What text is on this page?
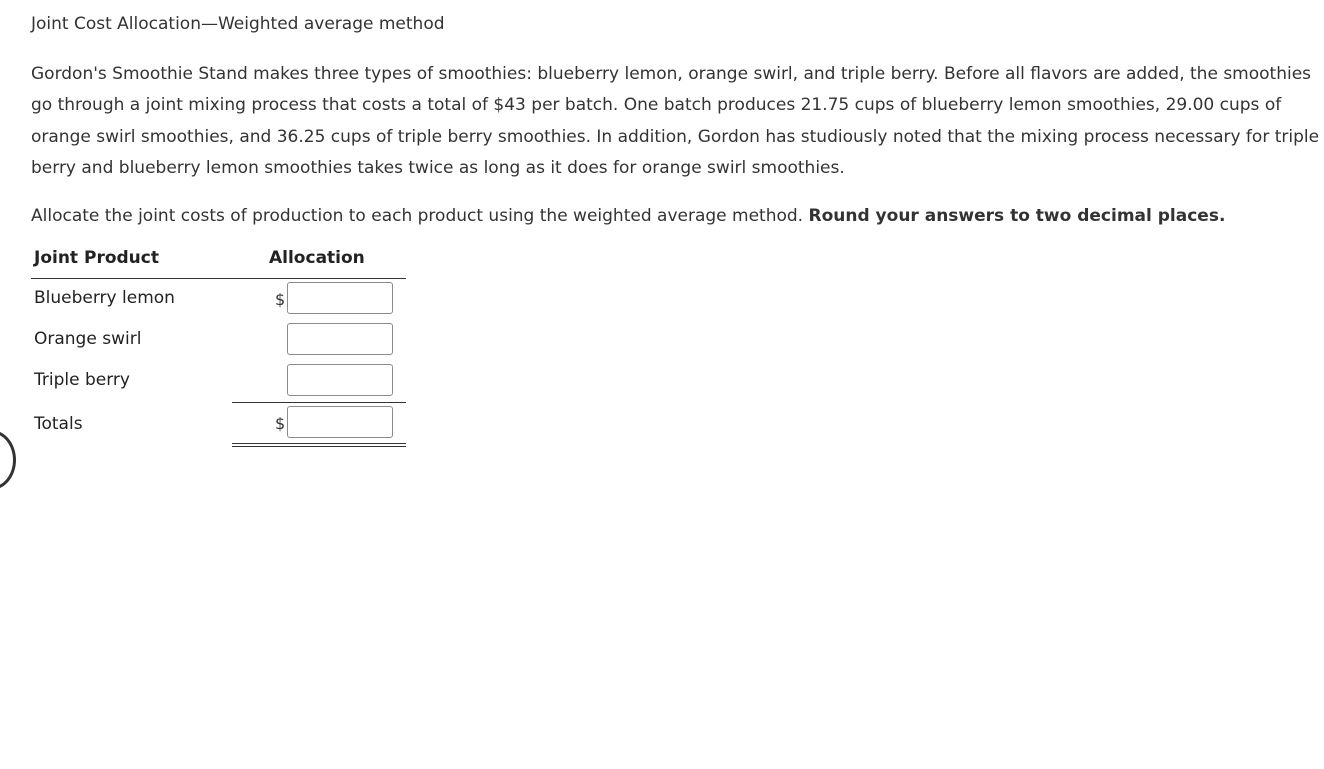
Joint Cost Allocation—Weighted average method

Gordon's Smoothie Stand makes three types of smoothies: blueberry lemon, orange swirl, and triple berry. Before all flavors are added, the smoothies go through a joint mixing process that costs a total of $43 per batch. One batch produces 21.75 cups of blueberry lemon smoothies, 29.00 cups of orange swirl smoothies, and 36.25 cups of triple berry smoothies. In addition, Gordon has studiously noted that the mixing process necessary for triple berry and blueberry lemon smoothies takes twice as long as it does for orange swirl smoothies.

Allocate the joint costs of production to each product using the weighted average method. Round your answers to two decimal places.

Joint Product	Allocation
Blueberry lemon	$
Orange swirl
Triple berry
Totals	$
